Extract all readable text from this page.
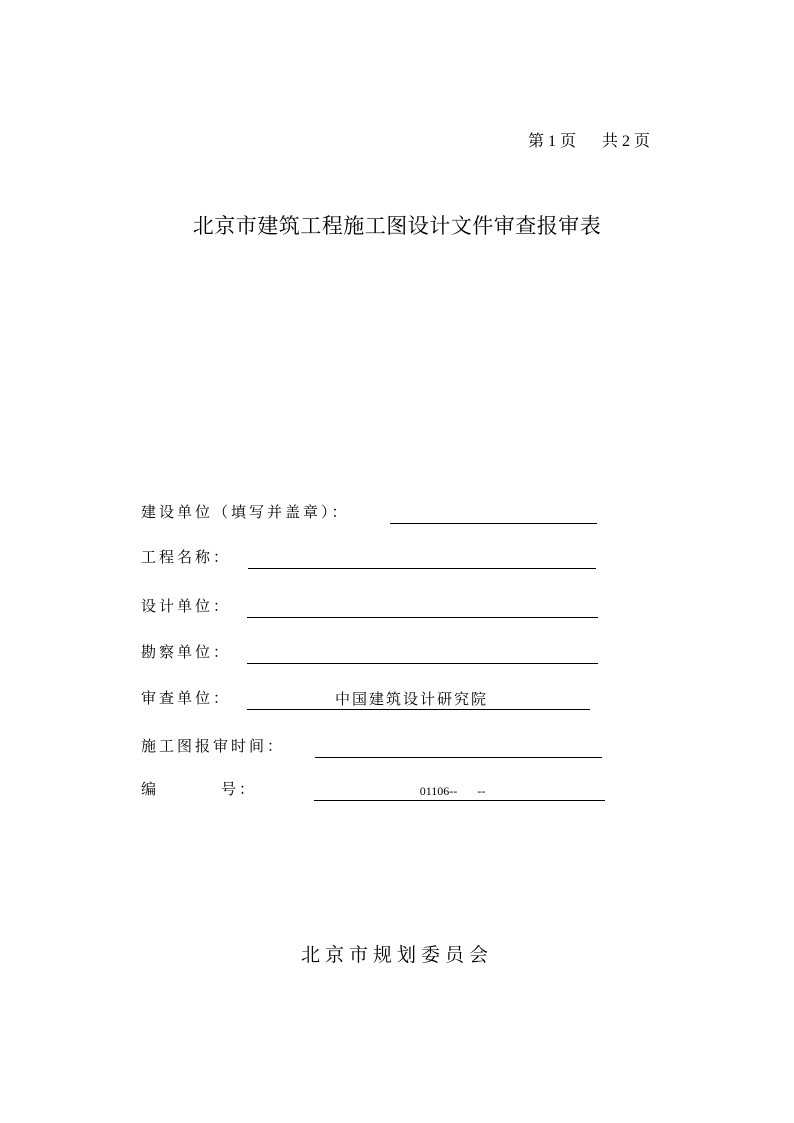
第 1 页 共 2 页
北京市建筑工程施工图设计文件审查报审表
建设单位（填写并盖章）：
工程名称：
设计单位：
勘察单位：
审查单位：	中国建筑设计研究院
施工图报审时间：
编	号：	01106-- --
北京市规划委员会
